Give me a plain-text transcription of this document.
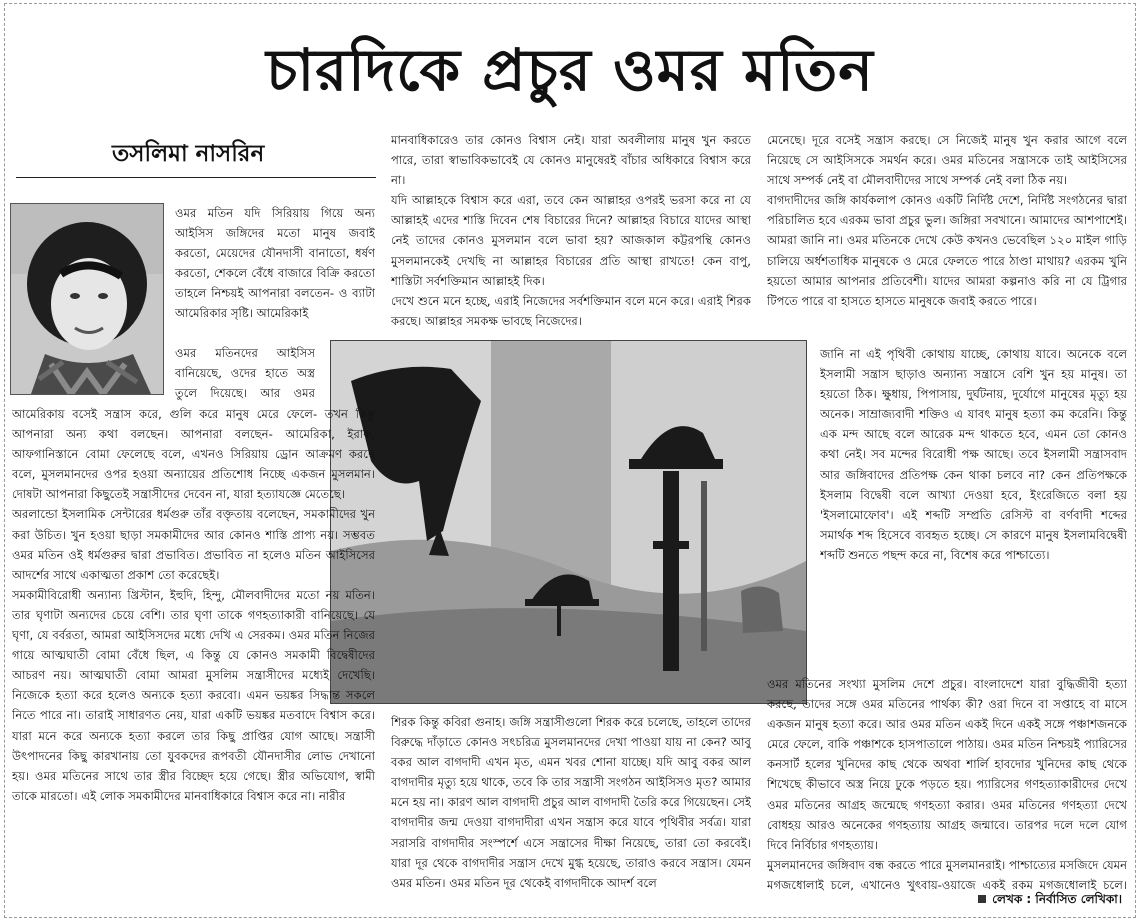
চারদিকে প্রচুর ওমর মতিন
তসলিমা নাসরিন

ওমর মতিন যদি সিরিয়ায় গিয়ে অন্য আইসিস জঙ্গিদের মতো মানুষ জবাই করতো, মেয়েদের যৌনদাসী বানাতো, ধর্ষণ করতো, শেকলে বেঁধে বাজারে বিক্রি করতো তাহলে নিশ্চয়ই আপনারা বলতেন- ও ব্যাটা আমেরিকার সৃষ্টি। আমেরিকাই

ওমর মতিনদের আইসিস বানিয়েছে, ওদের হাতে অস্ত্র তুলে দিয়েছে। আর ওমর

আমেরিকায় বসেই সন্ত্রাস করে, গুলি করে মানুষ মেরে ফেলে- তখন কিন্তু আপনারা অন্য কথা বলছেন। আপনারা বলছেন- আমেরিকা, ইরাক, আফগানিস্তানে বোমা ফেলেছে বলে, এখনও সিরিয়ায় ড্রোন আক্রমণ করছে বলে, মুসলমানদের ওপর হওয়া অন্যায়ের প্রতিশোধ নিচ্ছে একজন মুসলমান। দোষটা আপনারা কিছুতেই সন্ত্রাসীদের দেবেন না, যারা হত্যাযজ্ঞে মেতেছে।

অরলান্ডো ইসলামিক সেন্টারের ধর্মগুরু তাঁর বক্তৃতায় বলেছেন, সমকামীদের খুন করা উচিত। খুন হওয়া ছাড়া সমকামীদের আর কোনও শাস্তি প্রাপ্য নয়। সম্ভবত ওমর মতিন ওই ধর্মগুরুর দ্বারা প্রভাবিত। প্রভাবিত না হলেও মতিন আইসিসের আদর্শের সাথে একাত্মতা প্রকাশ তো করেছেই।

সমকামীবিরোধী অন্যান্য খ্রিস্টান, ইহুদি, হিন্দু, মৌলবাদীদের মতো নয় মতিন। তার ঘৃণাটা অন্যদের চেয়ে বেশি। তার ঘৃণা তাকে গণহত্যাকারী বানিয়েছে। যে ঘৃণা, যে বর্বরতা, আমরা আইসিসদের মধ্যে দেখি এ সেরকম। ওমর মতিন নিজের গায়ে আত্মঘাতী বোমা বেঁধে ছিল, এ কিন্তু যে কোনও সমকামী বিদ্বেষীদের আচরণ নয়। আত্মঘাতী বোমা আমরা মুসলিম সন্ত্রাসীদের মধ্যেই দেখেছি। নিজেকে হত্যা করে হলেও অন্যকে হত্যা করবো। এমন ভয়ঙ্কর সিদ্ধান্ত সকলে নিতে পারে না। তারাই সাধারণত নেয়, যারা একটি ভয়ঙ্কর মতবাদে বিশ্বাস করে। যারা মনে করে অন্যকে হত্যা করলে তার কিছু প্রাপ্তির যোগ আছে। সন্ত্রাসী উৎপাদনের কিছু কারখানায় তো যুবকদের রূপবতী যৌনদাসীর লোভ দেখানো হয়। ওমর মতিনের সাথে তার স্ত্রীর বিচ্ছেদ হয়ে গেছে। স্ত্রীর অভিযোগ, স্বামী তাকে মারতো। এই লোক সমকামীদের মানবাধিকারে বিশ্বাস করে না। নারীর

মানবাধিকারেও তার কোনও বিশ্বাস নেই। যারা অবলীলায় মানুষ খুন করতে পারে, তারা স্বাভাবিকভাবেই যে কোনও মানুষেরই বাঁচার অধিকারে বিশ্বাস করে না।

যদি আল্লাহকে বিশ্বাস করে এরা, তবে কেন আল্লাহর ওপরই ভরসা করে না যে আল্লাহই এদের শাস্তি দিবেন শেষ বিচারের দিনে? আল্লাহর বিচারে যাদের আস্থা নেই তাদের কোনও মুসলমান বলে ভাবা হয়? আজকাল কট্টরপন্থি কোনও মুসলমানকেই দেখছি না আল্লাহর বিচারের প্রতি আস্থা রাখতে! কেন বাপু, শাস্তিটা সর্বশক্তিমান আল্লাহই দিক।

দেখে শুনে মনে হচ্ছে, এরাই নিজেদের সর্বশক্তিমান বলে মনে করে। এরাই শিরক করছে। আল্লাহর সমকক্ষ ভাবছে নিজেদের।

শিরক কিন্তু কবিরা গুনাহ। জঙ্গি সন্ত্রাসীগুলো শিরক করে চলেছে, তাহলে তাদের বিরুদ্ধে দাঁড়াতে কোনও সৎচরিত্র মুসলমানদের দেখা পাওয়া যায় না কেন? আবু বকর আল বাগদাদী এখন মৃত, এমন খবর শোনা যাচ্ছে। যদি আবু বকর আল বাগদাদীর মৃত্যু হয়ে থাকে, তবে কি তার সন্ত্রাসী সংগঠন আইসিসও মৃত? আমার মনে হয় না। কারণ আল বাগদাদী প্রচুর আল বাগদাদী তৈরি করে গিয়েছেন। সেই বাগদাদীর জন্ম দেওয়া বাগদাদীরা এখন সন্ত্রাস করে যাবে পৃথিবীর সর্বত্র। যারা সরাসরি বাগদাদীর সংস্পর্শে এসে সন্ত্রাসের দীক্ষা নিয়েছে, তারা তো করবেই। যারা দূর থেকে বাগদাদীর সন্ত্রাস দেখে মুগ্ধ হয়েছে, তারাও করবে সন্ত্রাস। যেমন ওমর মতিন। ওমর মতিন দূর থেকেই বাগদাদীকে আদর্শ বলে

মেনেছে। দূরে বসেই সন্ত্রাস করছে। সে নিজেই মানুষ খুন করার আগে বলে নিয়েছে সে আইসিসকে সমর্থন করে। ওমর মতিনের সন্ত্রাসকে তাই আইসিসের সাথে সম্পর্ক নেই বা মৌলবাদীদের সাথে সম্পর্ক নেই বলা ঠিক নয়।

বাগদাদীদের জঙ্গি কার্যকলাপ কোনও একটি নির্দিষ্ট দেশে, নির্দিষ্ট সংগঠনের দ্বারা পরিচালিত হবে এরকম ভাবা প্রচুর ভুল। জঙ্গিরা সবখানে। আমাদের আশপাশেই। আমরা জানি না। ওমর মতিনকে দেখে কেউ কখনও ভেবেছিল ১২০ মাইল গাড়ি চালিয়ে অর্ধশতাধিক মানুষকে ও মেরে ফেলতে পারে ঠাণ্ডা মাথায়? এরকম খুনি হয়তো আমার আপনার প্রতিবেশী। যাদের আমরা কল্পনাও করি না যে ট্রিগার টিপতে পারে বা হাসতে হাসতে মানুষকে জবাই করতে পারে।

জানি না এই পৃথিবী কোথায় যাচ্ছে, কোথায় যাবে। অনেকে বলে ইসলামী সন্ত্রাস ছাড়াও অন্যান্য সন্ত্রাসে বেশি খুন হয় মানুষ। তা হয়তো ঠিক। ক্ষুধায়, পিপাসায়, দুর্ঘটনায়, দুর্যোগে মানুষের মৃত্যু হয় অনেক। সাম্রাজ্যবাদী শক্তিও এ যাবৎ মানুষ হত্যা কম করেনি। কিন্তু এক মন্দ আছে বলে আরেক মন্দ থাকতে হবে, এমন তো কোনও কথা নেই। সব মন্দের বিরোধী পক্ষ আছে। তবে ইসলামী সন্ত্রাসবাদ আর জঙ্গিবাদের প্রতিপক্ষ কেন থাকা চলবে না? কেন প্রতিপক্ষকে ইসলাম বিদ্বেষী বলে আখ্যা দেওয়া হবে, ইংরেজিতে বলা হয় 'ইসলামোফোব'। এই শব্দটি সম্প্রতি রেসিস্ট বা বর্ণবাদী শব্দের সমার্থক শব্দ হিসেবে ব্যবহৃত হচ্ছে। সে কারণে মানুষ ইসলামবিদ্বেষী শব্দটি শুনতে পছন্দ করে না, বিশেষ করে পাশ্চাত্যে।

ওমর মতিনের সংখ্যা মুসলিম দেশে প্রচুর। বাংলাদেশে যারা বুদ্ধিজীবী হত্যা করছে, তাদের সঙ্গে ওমর মতিনের পার্থক্য কী? ওরা দিনে বা সপ্তাহে বা মাসে একজন মানুষ হত্যা করে। আর ওমর মতিন একই দিনে একই সঙ্গে পঞ্চাশজনকে মেরে ফেলে, বাকি পঞ্চাশকে হাসপাতালে পাঠায়। ওমর মতিন নিশ্চয়ই প্যারিসের কনসার্ট হলের খুনিদের কাছ থেকে অথবা শার্লি হাবদোর খুনিদের কাছ থেকে শিখেছে কীভাবে অস্ত্র নিয়ে ঢুকে পড়তে হয়। প্যারিসের গণহত্যাকারীদের দেখে ওমর মতিনের আগ্রহ জন্মেছে গণহত্যা করার। ওমর মতিনের গণহত্যা দেখে বোধহয় আরও অনেকের গণহত্যায় আগ্রহ জন্মাবে। তারপর দলে দলে যোগ দিবে নির্বিচার গণহত্যায়।

মুসলমানদের জঙ্গিবাদ বন্ধ করতে পারে মুসলমানরাই। পাশ্চাত্যের মসজিদে যেমন মগজধোলাই চলে, এখানেও খুৎবায়-ওয়াজে একই রকম মগজধোলাই চলে।

লেখক : নির্বাসিত লেখিকা।
